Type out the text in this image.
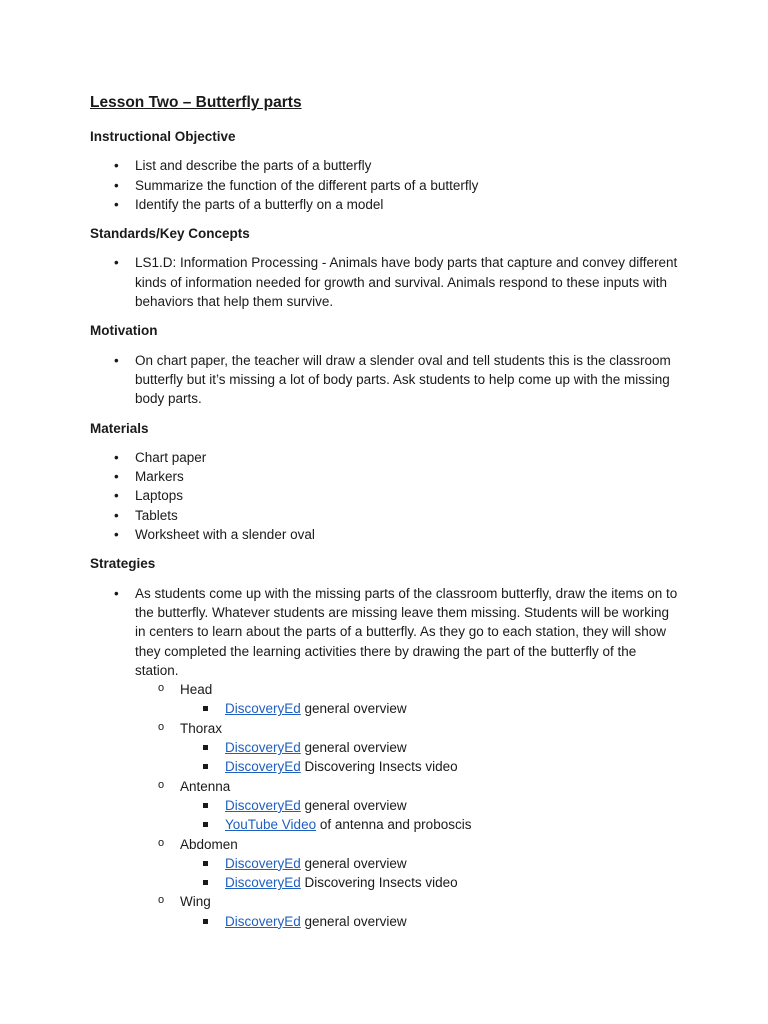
Lesson Two – Butterfly parts
Instructional Objective
• List and describe the parts of a butterfly
• Summarize the function of the different parts of a butterfly
• Identify the parts of a butterfly on a model
Standards/Key Concepts
• LS1.D: Information Processing - Animals have body parts that capture and convey different kinds of information needed for growth and survival. Animals respond to these inputs with behaviors that help them survive.
Motivation
• On chart paper, the teacher will draw a slender oval and tell students this is the classroom butterfly but it’s missing a lot of body parts. Ask students to help come up with the missing body parts.
Materials
• Chart paper
• Markers
• Laptops
• Tablets
• Worksheet with a slender oval
Strategies
• As students come up with the missing parts of the classroom butterfly, draw the items on to the butterfly. Whatever students are missing leave them missing. Students will be working in centers to learn about the parts of a butterfly. As they go to each station, they will show they completed the learning activities there by drawing the part of the butterfly of the station.
o Head
DiscoveryEd general overview
o Thorax
DiscoveryEd general overview
DiscoveryEd Discovering Insects video
o Antenna
DiscoveryEd general overview
YouTube Video of antenna and proboscis
o Abdomen
DiscoveryEd general overview
DiscoveryEd Discovering Insects video
o Wing
DiscoveryEd general overview
